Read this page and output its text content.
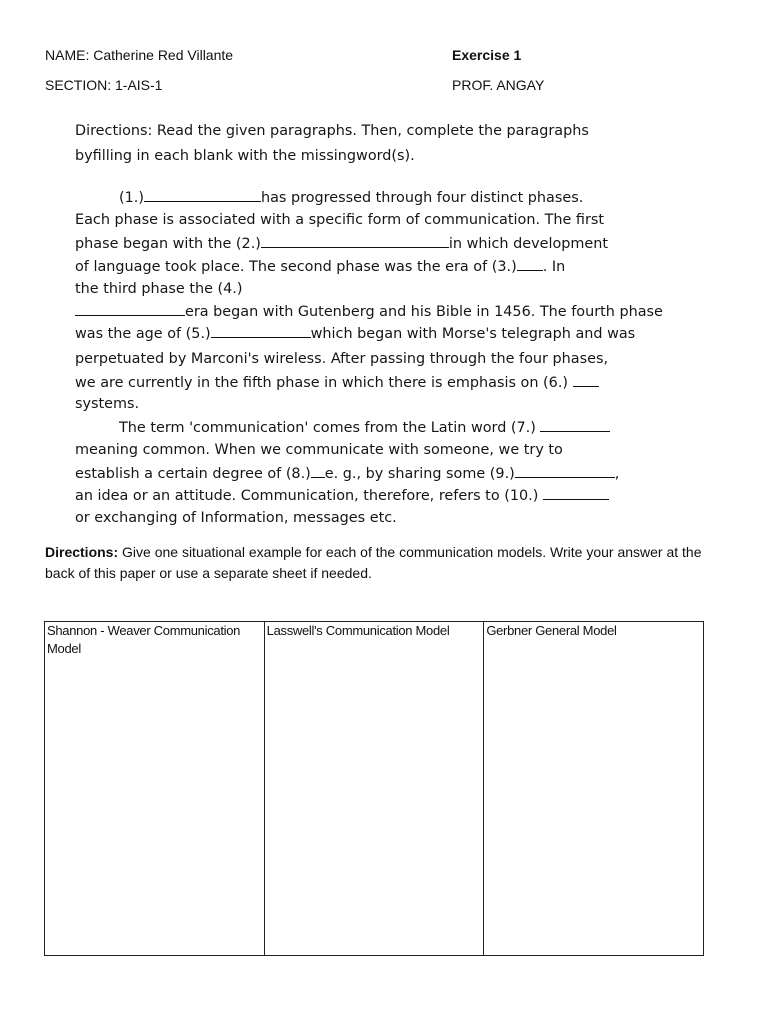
NAME: Catherine Red Villante
SECTION: 1-AIS-1
Exercise 1
PROF. ANGAY
Directions: Read the given paragraphs. Then, complete the paragraphs
byfilling in each blank with the missingword(s).
(1.)	has progressed through four distinct phases.
Each phase is associated with a specific form of communication. The first
phase began with the (2.)	in which development
of language took place. The second phase was the era of (3.) . In
the third phase the (4.)
era began with Gutenberg and his Bible in 1456. The fourth phase
was the age of (5.)	which began with Morse's telegraph and was
perpetuated by Marconi's wireless. After passing through the four phases,
we are currently in the fifth phase in which there is emphasis on (6.)
systems.
The term 'communication' comes from the Latin word (7.)
meaning common. When we communicate with someone, we try to
establish a certain degree of (8.) e. g., by sharing some (9.)	,
an idea or an attitude. Communication, therefore, refers to (10.)
or exchanging of Information, messages etc.
Directions: Give one situational example for each of the communication models. Write your answer at the back of this paper or use a separate sheet if needed.
Shannon - Weaver Communication Model	Lasswell's Communication Model	Gerbner General Model
